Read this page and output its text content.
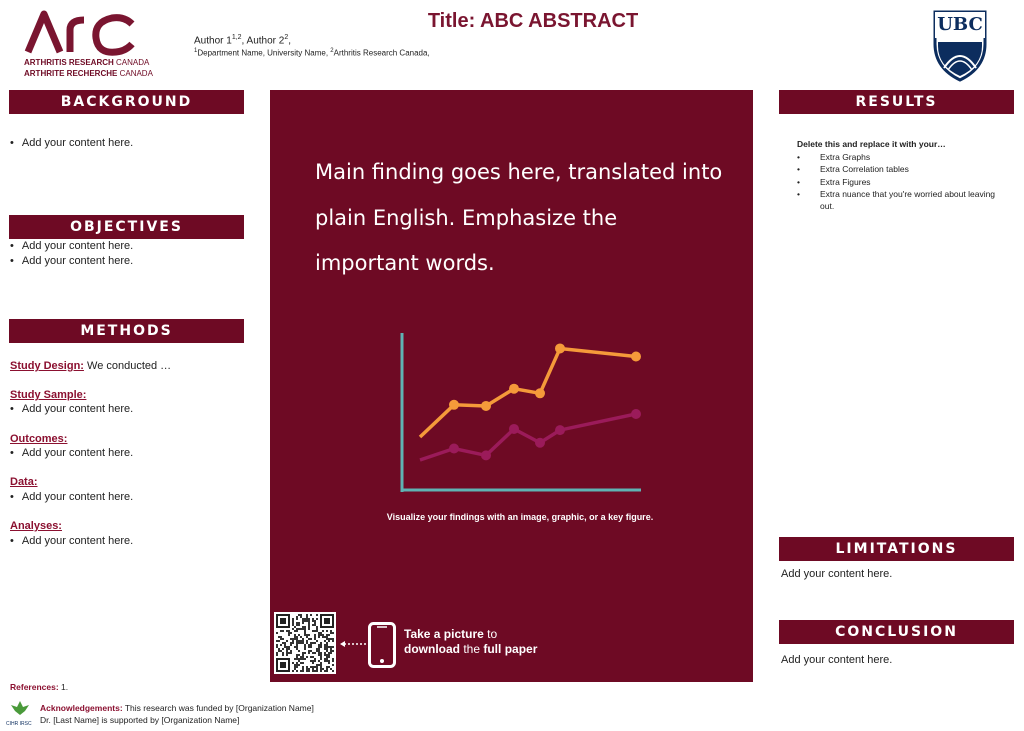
ARTHRITIS RESEARCH CANADA
ARTHRITE RECHERCHE CANADA
Title: ABC ABSTRACT
Author 1$^{1,2}$, Author $2^2$,
$^1$Department Name, University Name, $^2$Arthritis Research Canada,
UBC
BACKGROUND
• Add your content here.
OBJECTIVES
• Add your content here.
• Add your content here.
METHODS
Study Design: We conducted …
Study Sample:
• Add your content here.
Outcomes:
• Add your content here.
Data:
• Add your content here.
Analyses:
• Add your content here.
Main finding goes here, translated into plain English. Emphasize the important words.
Visualize your findings with an image, graphic, or a key figure.
Take a picture to
download the full paper
RESULTS
Delete this and replace it with your…
• Extra Graphs
• Extra Correlation tables
• Extra Figures
• Extra nuance that you're worried about leaving out.
LIMITATIONS
Add your content here.
CONCLUSION
Add your content here.
References: 1.
CIHR IRSC
Acknowledgements: This research was funded by [Organization Name]
Dr. [Last Name] is supported by [Organization Name]
